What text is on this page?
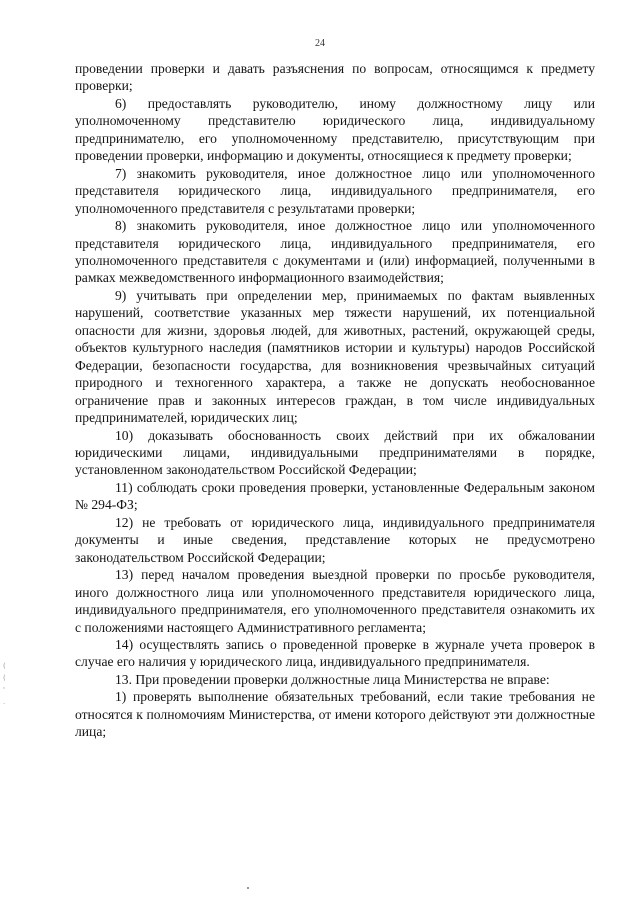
24

проведении проверки и давать разъяснения по вопросам, относящимся к предмету проверки;

6) предоставлять руководителю, иному должностному лицу или уполномоченному представителю юридического лица, индивидуальному предпринимателю, его уполномоченному представителю, присутствующим при проведении проверки, информацию и документы, относящиеся к предмету проверки;

7) знакомить руководителя, иное должностное лицо или уполномоченного представителя юридического лица, индивидуального предпринимателя, его уполномоченного представителя с результатами проверки;

8) знакомить руководителя, иное должностное лицо или уполномоченного представителя юридического лица, индивидуального предпринимателя, его уполномоченного представителя с документами и (или) информацией, полученными в рамках межведомственного информационного взаимодействия;

9) учитывать при определении мер, принимаемых по фактам выявленных нарушений, соответствие указанных мер тяжести нарушений, их потенциальной опасности для жизни, здоровья людей, для животных, растений, окружающей среды, объектов культурного наследия (памятников истории и культуры) народов Российской Федерации, безопасности государства, для возникновения чрезвычайных ситуаций природного и техногенного характера, а также не допускать необоснованное ограничение прав и законных интересов граждан, в том числе индивидуальных предпринимателей, юридических лиц;

10) доказывать обоснованность своих действий при их обжаловании юридическими лицами, индивидуальными предпринимателями в порядке, установленном законодательством Российской Федерации;

11) соблюдать сроки проведения проверки, установленные Федеральным законом № 294-ФЗ;

12) не требовать от юридического лица, индивидуального предпринимателя документы и иные сведения, представление которых не предусмотрено законодательством Российской Федерации;

13) перед началом проведения выездной проверки по просьбе руководителя, иного должностного лица или уполномоченного представителя юридического лица, индивидуального предпринимателя, его уполномоченного представителя ознакомить их с положениями настоящего Административного регламента;

14) осуществлять запись о проведенной проверке в журнале учета проверок в случае его наличия у юридического лица, индивидуального предпринимателя.

13. При проведении проверки должностные лица Министерства не вправе:

1) проверять выполнение обязательных требований, если такие требования не относятся к полномочиям Министерства, от имени которого действуют эти должностные лица;

(
(
'
.
